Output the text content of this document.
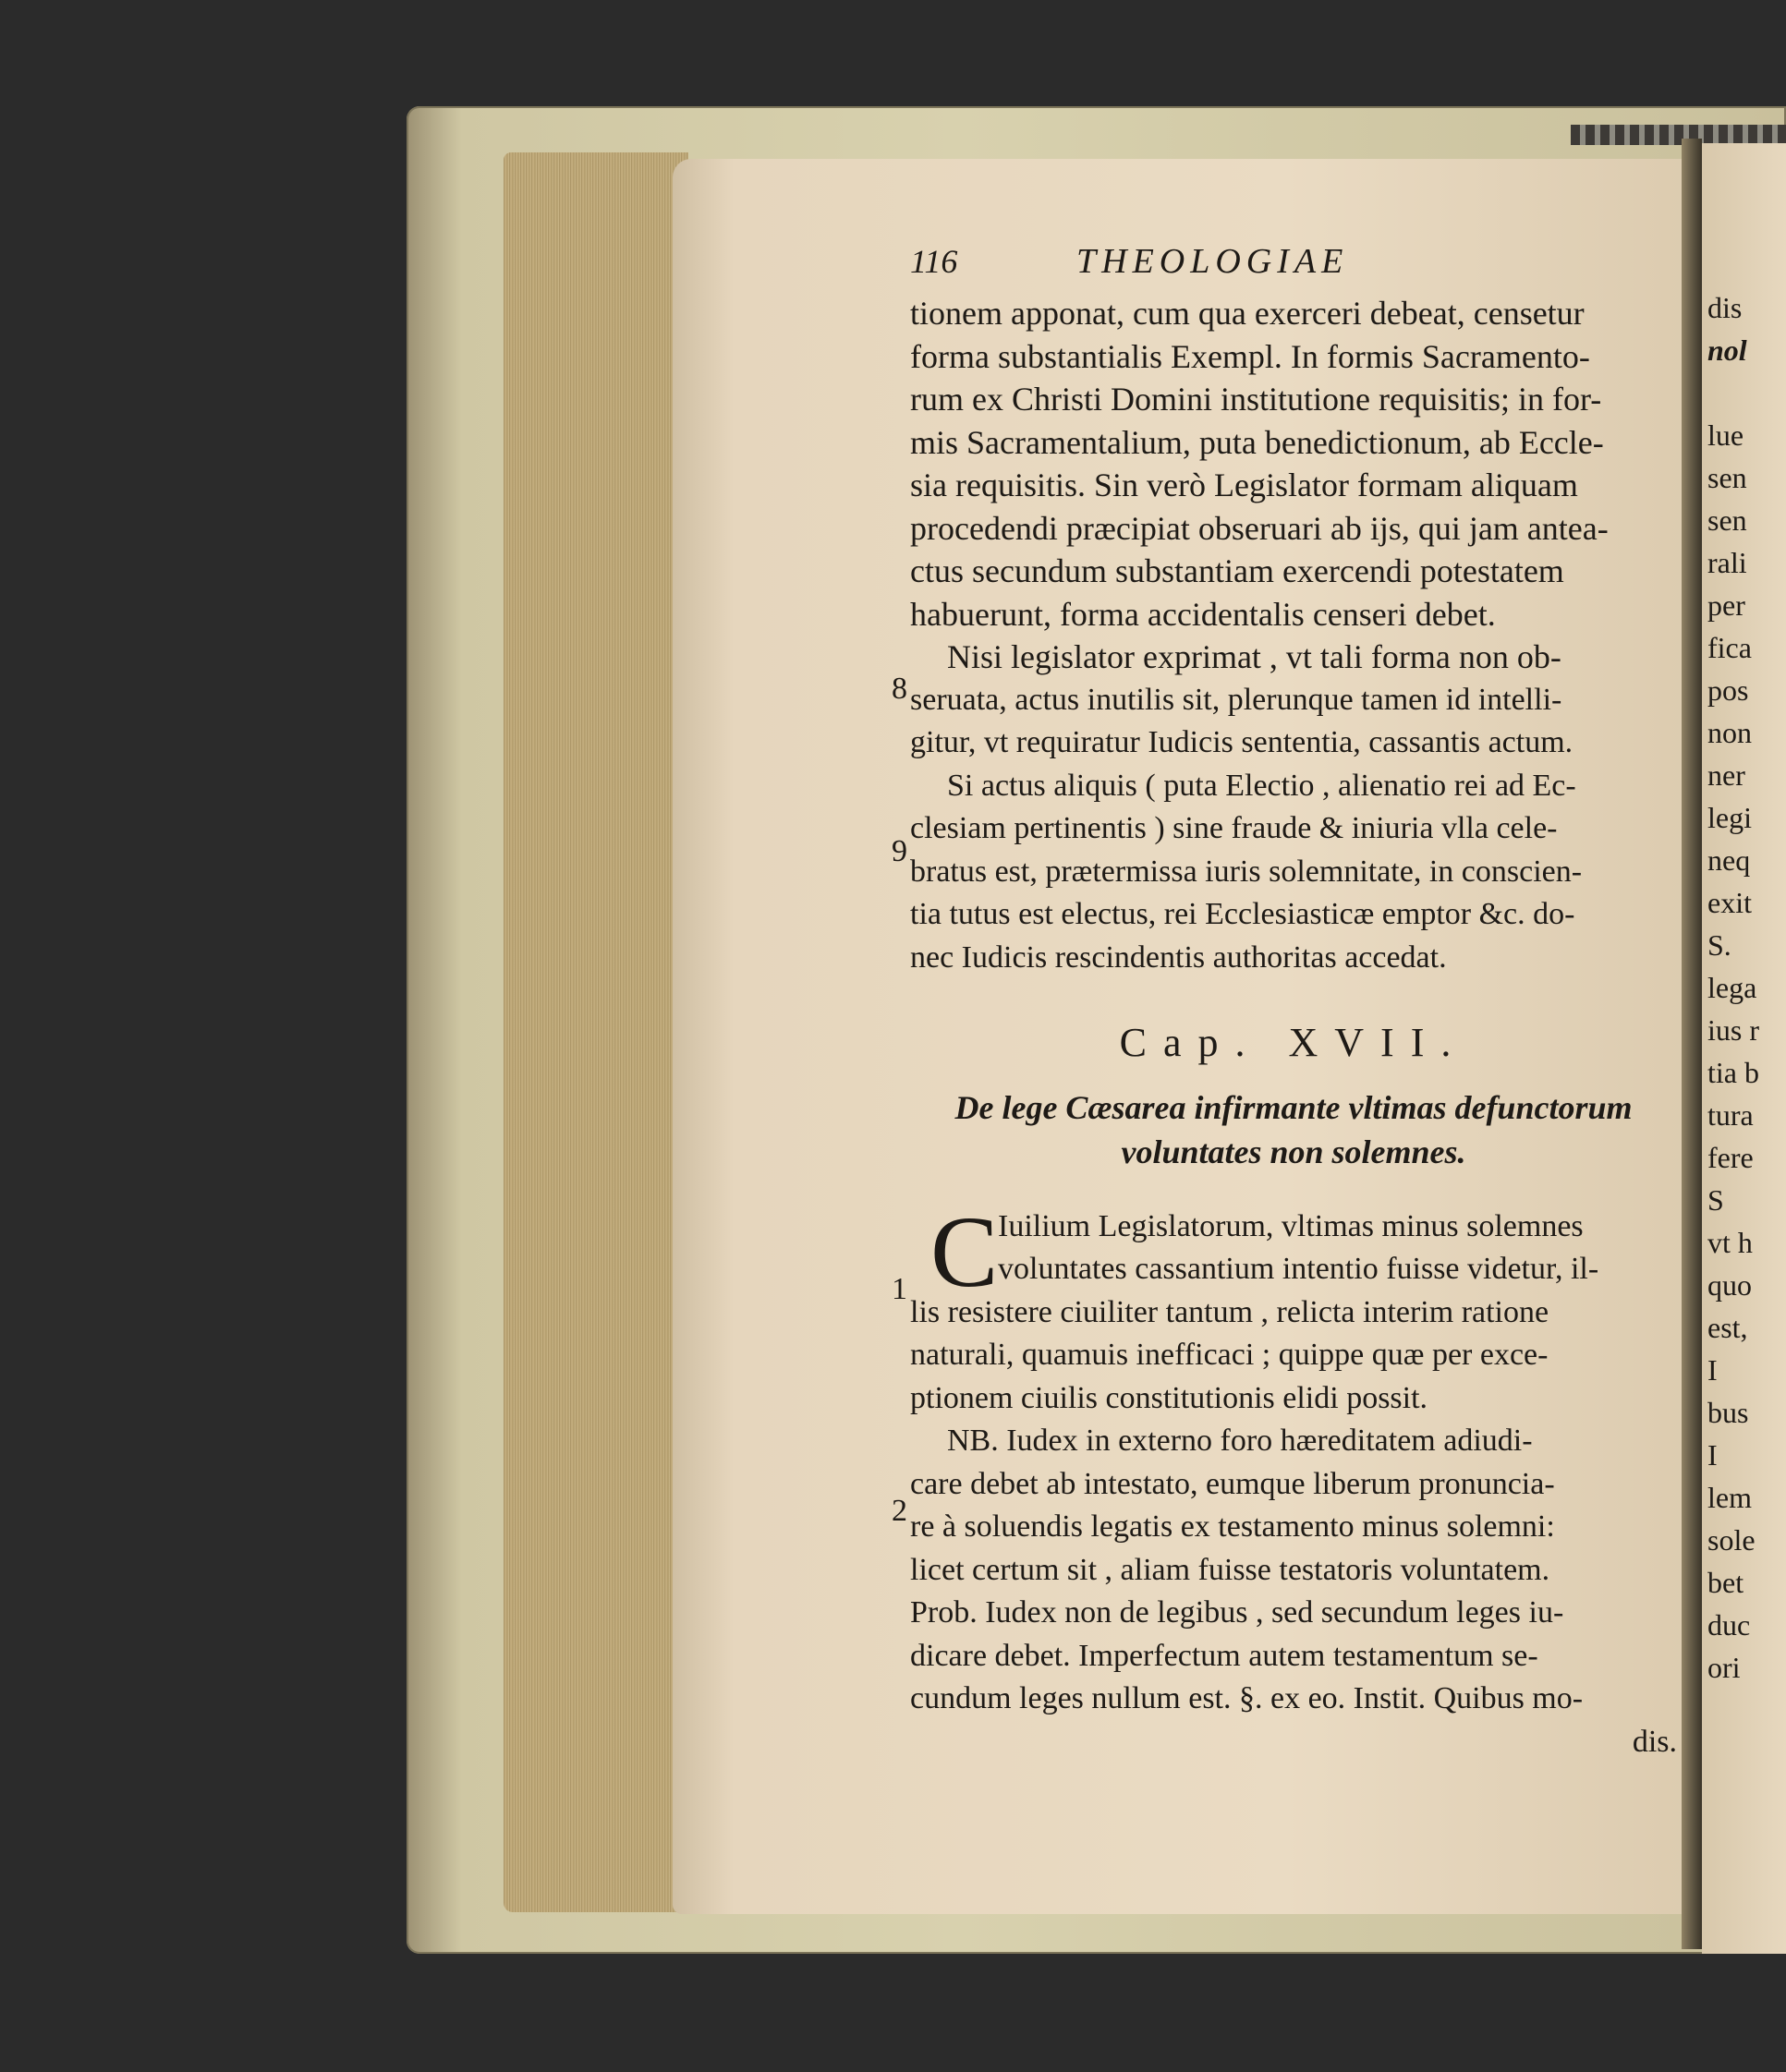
8
9
1
2
116	THEOLOGIAE
tionem apponat, cum qua exerceri debeat, censetur
forma substantialis Exempl. In formis Sacramento-
rum ex Christi Domini institutione requisitis; in for-
mis Sacramentalium, puta benedictionum, ab Eccle-
sia requisitis. Sin verò Legislator formam aliquam
procedendi præcipiat obseruari ab ijs, qui jam antea-
ctus secundum substantiam exercendi potestatem
habuerunt, forma accidentalis censeri debet.
Nisi legislator exprimat , vt tali forma non ob-
seruata, actus inutilis sit, plerunque tamen id intelli-
gitur, vt requiratur Iudicis sententia, cassantis actum.
Si actus aliquis ( puta Electio , alienatio rei ad Ec-
clesiam pertinentis ) sine fraude & iniuria vlla cele-
bratus est, prætermissa iuris solemnitate, in conscien-
tia tutus est electus, rei Ecclesiasticæ emptor &c. do-
nec Iudicis rescindentis authoritas accedat.
Cap. XVII.
De lege Cæsarea infirmante vltimas defunctorum
voluntates non solemnes.
C Iuilium Legislatorum, vltimas minus solemnes
voluntates cassantium intentio fuisse videtur, il-
lis resistere ciuiliter tantum , relicta interim ratione
naturali, quamuis inefficaci ; quippe quæ per exce-
ptionem ciuilis constitutionis elidi possit.
NB. Iudex in externo foro hæreditatem adiudi-
care debet ab intestato, eumque liberum pronuncia-
re à soluendis legatis ex testamento minus solemni:
licet certum sit , aliam fuisse testatoris voluntatem.
Prob. Iudex non de legibus , sed secundum leges iu-
dicare debet. Imperfectum autem testamentum se-
cundum leges nullum est. §. ex eo. Instit. Quibus mo-
dis.
dis
nol
lue
sen
sen
rali
per
fica
pos
non
ner
legi
neq
exit
S.
lega
ius r
tia b
tura
fere
S
vt h
quo
est,
I
bus
I
lem
sole
bet
duc
ori
